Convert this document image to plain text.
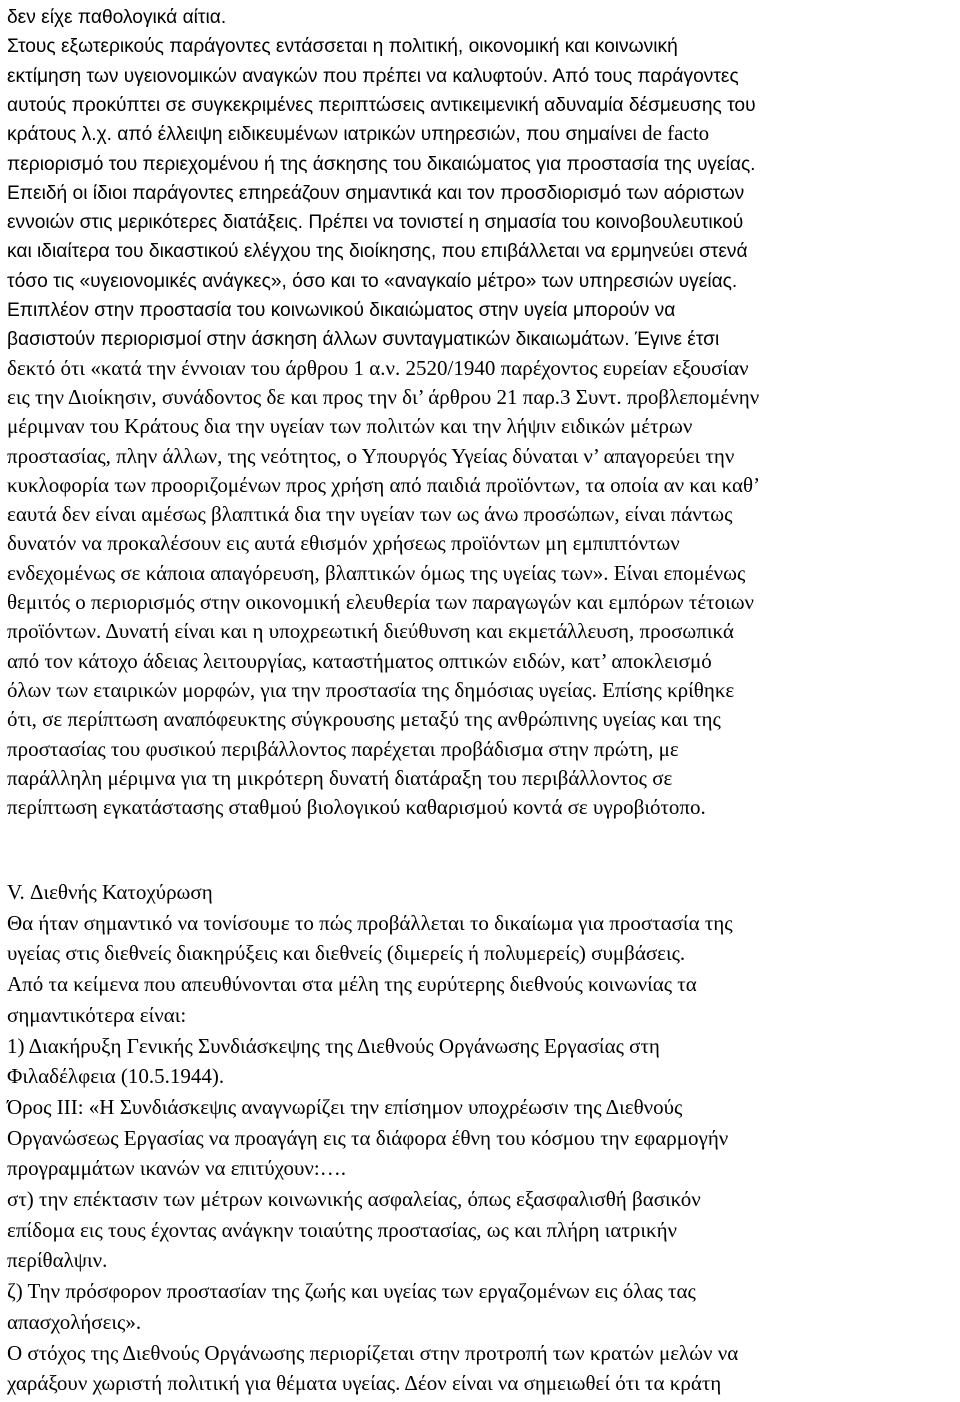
δεν είχε παθολογικά αίτια.
Στους εξωτερικούς παράγοντες εντάσσεται η πολιτική, οικονομική και κοινωνική
εκτίμηση των υγειονομικών αναγκών που πρέπει να καλυφτούν. Από τους παράγοντες
αυτούς προκύπτει σε συγκεκριμένες περιπτώσεις αντικειμενική αδυναμία δέσμευσης του
κράτους λ.χ. από έλλειψη ειδικευμένων ιατρικών υπηρεσιών, που σημαίνει de facto
περιορισμό του περιεχομένου ή της άσκησης του δικαιώματος για προστασία της υγείας.
Επειδή οι ίδιοι παράγοντες επηρεάζουν σημαντικά και τον προσδιορισμό των αόριστων
εννοιών στις μερικότερες διατάξεις. Πρέπει να τονιστεί η σημασία του κοινοβουλευτικού
και ιδιαίτερα του δικαστικού ελέγχου της διοίκησης, που επιβάλλεται να ερμηνεύει στενά
τόσο τις «υγειονομικές ανάγκες», όσο και το «αναγκαίο μέτρο» των υπηρεσιών υγείας.
Επιπλέον στην προστασία του κοινωνικού δικαιώματος στην υγεία μπορούν να
βασιστούν περιορισμοί στην άσκηση άλλων συνταγματικών δικαιωμάτων. Έγινε έτσι
δεκτό ότι «κατά την έννοιαν του άρθρου 1 α.ν. 2520/1940 παρέχοντος ευρείαν εξουσίαν
εις την Διοίκησιν, συνάδοντος δε και προς την δι’ άρθρου 21 παρ.3 Συντ. προβλεπομένην
μέριμναν του Κράτους δια την υγείαν των πολιτών και την λήψιν ειδικών μέτρων
προστασίας, πλην άλλων, της νεότητος, ο Υπουργός Υγείας δύναται ν’ απαγορεύει την
κυκλοφορία των προοριζομένων προς χρήση από παιδιά προϊόντων, τα οποία αν και καθ’
εαυτά δεν είναι αμέσως βλαπτικά δια την υγείαν των ως άνω προσώπων, είναι πάντως
δυνατόν να προκαλέσουν εις αυτά εθισμόν χρήσεως προϊόντων μη εμπιπτόντων
ενδεχομένως σε κάποια απαγόρευση, βλαπτικών όμως της υγείας των». Είναι επομένως
θεμιτός ο περιορισμός στην οικονομική ελευθερία των παραγωγών και εμπόρων τέτοιων
προϊόντων. Δυνατή είναι και η υποχρεωτική διεύθυνση και εκμετάλλευση, προσωπικά
από τον κάτοχο άδειας λειτουργίας, καταστήματος οπτικών ειδών, κατ’ αποκλεισμό
όλων των εταιρικών μορφών, για την προστασία της δημόσιας υγείας. Επίσης κρίθηκε
ότι, σε περίπτωση αναπόφευκτης σύγκρουσης μεταξύ της ανθρώπινης υγείας και της
προστασίας του φυσικού περιβάλλοντος παρέχεται προβάδισμα στην πρώτη, με
παράλληλη μέριμνα για τη μικρότερη δυνατή διατάραξη του περιβάλλοντος σε
περίπτωση εγκατάστασης σταθμού βιολογικού καθαρισμού κοντά σε υγροβιότοπο.
V. Διεθνής Κατοχύρωση
Θα ήταν σημαντικό να τονίσουμε το πώς προβάλλεται το δικαίωμα για προστασία της
υγείας στις διεθνείς διακηρύξεις και διεθνείς (διμερείς ή πολυμερείς) συμβάσεις.
Από τα κείμενα που απευθύνονται στα μέλη της ευρύτερης διεθνούς κοινωνίας τα
σημαντικότερα είναι:
1) Διακήρυξη Γενικής Συνδιάσκεψης της Διεθνούς Οργάνωσης Εργασίας στη
Φιλαδέλφεια (10.5.1944).
Όρος ΙΙΙ: «Η Συνδιάσκεψις αναγνωρίζει την επίσημον υποχρέωσιν της Διεθνούς
Οργανώσεως Εργασίας να προαγάγη εις τα διάφορα έθνη του κόσμου την εφαρμογήν
προγραμμάτων ικανών να επιτύχουν:….
στ) την επέκτασιν των μέτρων κοινωνικής ασφαλείας, όπως εξασφαλισθή βασικόν
επίδομα εις τους έχοντας ανάγκην τοιαύτης προστασίας, ως και πλήρη ιατρικήν
περίθαλψιν.
ζ) Την πρόσφορον προστασίαν της ζωής και υγείας των εργαζομένων εις όλας τας
απασχολήσεις».
Ο στόχος της Διεθνούς Οργάνωσης περιορίζεται στην προτροπή των κρατών μελών να
χαράξουν χωριστή πολιτική για θέματα υγείας. Δέον είναι να σημειωθεί ότι τα κράτη
